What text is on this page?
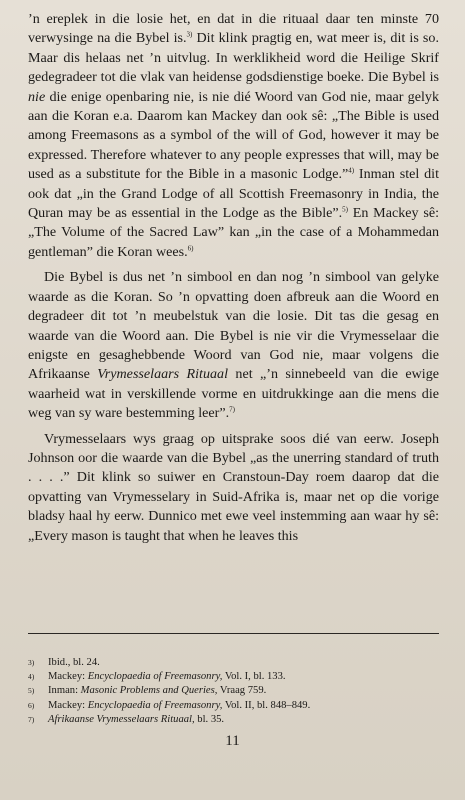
’n ereplek in die losie het, en dat in die rituaal daar ten minste 70 verwysinge na die Bybel is.$^{3)}$ Dit klink pragtig en, wat meer is, dit is so. Maar dis helaas net ’n uitvlug. In werklikheid word die Heilige Skrif gedegradeer tot die vlak van heidense godsdienstige boeke. Die Bybel is nie die enige openbaring nie, is nie dié Woord van God nie, maar gelyk aan die Koran e.a. Daarom kan Mackey dan ook sê: „The Bible is used among Freemasons as a symbol of the will of God, however it may be expressed. Therefore whatever to any people expresses that will, may be used as a substitute for the Bible in a masonic Lodge.”$^{4)}$ Inman stel dit ook dat „in the Grand Lodge of all Scottish Freemasonry in India, the Quran may be as essential in the Lodge as the Bible”.$^{5)}$ En Mackey sê: „The Volume of the Sacred Law” kan „in the case of a Mohammedan gentleman” die Koran wees.$^{6)}$

Die Bybel is dus net ’n simbool en dan nog ’n simbool van gelyke waarde as die Koran. So ’n opvatting doen afbreuk aan die Woord en degradeer dit tot ’n meubelstuk van die losie. Dit tas die gesag en waarde van die Woord aan. Die Bybel is nie vir die Vrymesselaar die enigste en gesaghebbende Woord van God nie, maar volgens die Afrikaanse Vrymesselaars Rituaal net „’n sinnebeeld van die ewige waarheid wat in verskillende vorme en uitdrukkinge aan die mens die weg van sy ware bestemming leer”.$^{7)}$

Vrymesselaars wys graag op uitsprake soos dié van eerw. Joseph Johnson oor die waarde van die Bybel „as the unerring standard of truth . . . .” Dit klink so suiwer en Cranstoun-Day roem daarop dat die opvatting van Vrymesselary in Suid-Afrika is, maar net op die vorige bladsy haal hy eerw. Dunnico met ewe veel instemming aan waar hy sê: „Every mason is taught that when he leaves this

3)	Ibid., bl. 24.
4)	Mackey: Encyclopaedia of Freemasonry, Vol. I, bl. 133.
5)	Inman: Masonic Problems and Queries, Vraag 759.
6)	Mackey: Encyclopaedia of Freemasonry, Vol. II, bl. 848–849.
7)	Afrikaanse Vrymesselaars Rituaal, bl. 35.
11
